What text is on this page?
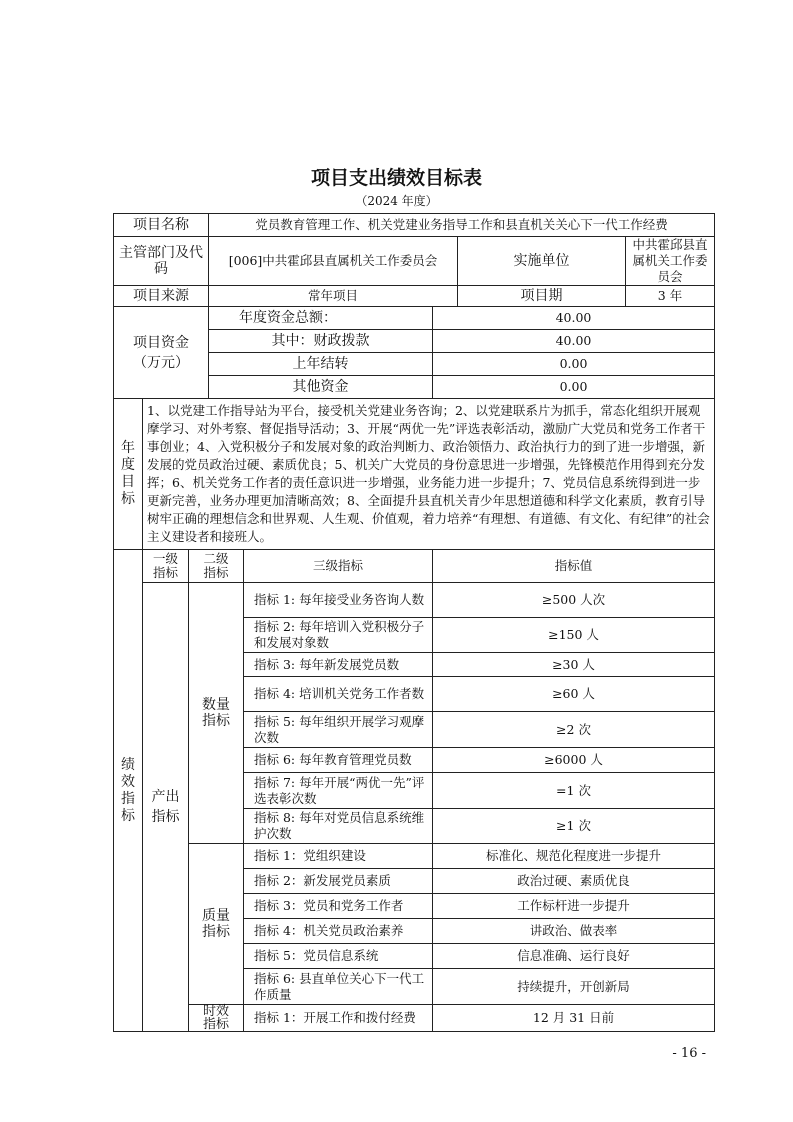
项目支出绩效目标表
（2024 年度）
项目名称	党员教育管理工作、机关党建业务指导工作和县直机关关心下一代工作经费		
主管部门及代码	[006]中共霍邱县直属机关工作委员会	实施单位	中共霍邱县直属机关工作委员会
项目来源	常年项目	项目期	3 年
项目资金（万元）	年度资金总额：	40.00
	其中：财政拨款	40.00
	上年结转	0.00
	其他资金	0.00
年度目标	1、以党建工作指导站为平台，接受机关党建业务咨询；2、以党建联系片为抓手，常态化组织开展观摩学习、对外考察、督促指导活动；3、开展“两优一先”评选表彰活动，激励广大党员和党务工作者干事创业；4、入党积极分子和发展对象的政治判断力、政治领悟力、政治执行力的到了进一步增强，新发展的党员政治过硬、素质优良；5、机关广大党员的身份意思进一步增强，先锋模范作用得到充分发挥；6、机关党务工作者的责任意识进一步增强，业务能力进一步提升；7、党员信息系统得到进一步更新完善，业务办理更加清晰高效；8、全面提升县直机关青少年思想道德和科学文化素质，教育引导树牢正确的理想信念和世界观、人生观、价值观，着力培养“有理想、有道德、有文化、有纪律”的社会主义建设者和接班人。
绩效指标	一级指标	二级指标	三级指标	指标值
	产出指标	数量指标	指标 1: 每年接受业务咨询人数	≥500 人次
			指标 2: 每年培训入党积极分子和发展对象数	≥150 人
			指标 3: 每年新发展党员数	≥30 人
			指标 4: 培训机关党务工作者数	≥60 人
			指标 5: 每年组织开展学习观摩次数	≥2 次
			指标 6: 每年教育管理党员数	≥6000 人
			指标 7: 每年开展“两优一先”评选表彰次数	=1 次
			指标 8: 每年对党员信息系统维护次数	≥1 次
		质量指标	指标 1：党组织建设	标准化、规范化程度进一步提升
			指标 2：新发展党员素质	政治过硬、素质优良
			指标 3：党员和党务工作者	工作标杆进一步提升
			指标 4：机关党员政治素养	讲政治、做表率
			指标 5：党员信息系统	信息准确、运行良好
			指标 6: 县直单位关心下一代工作质量	持续提升，开创新局
		时效指标	指标 1：开展工作和拨付经费	12 月 31 日前
- 16 -
